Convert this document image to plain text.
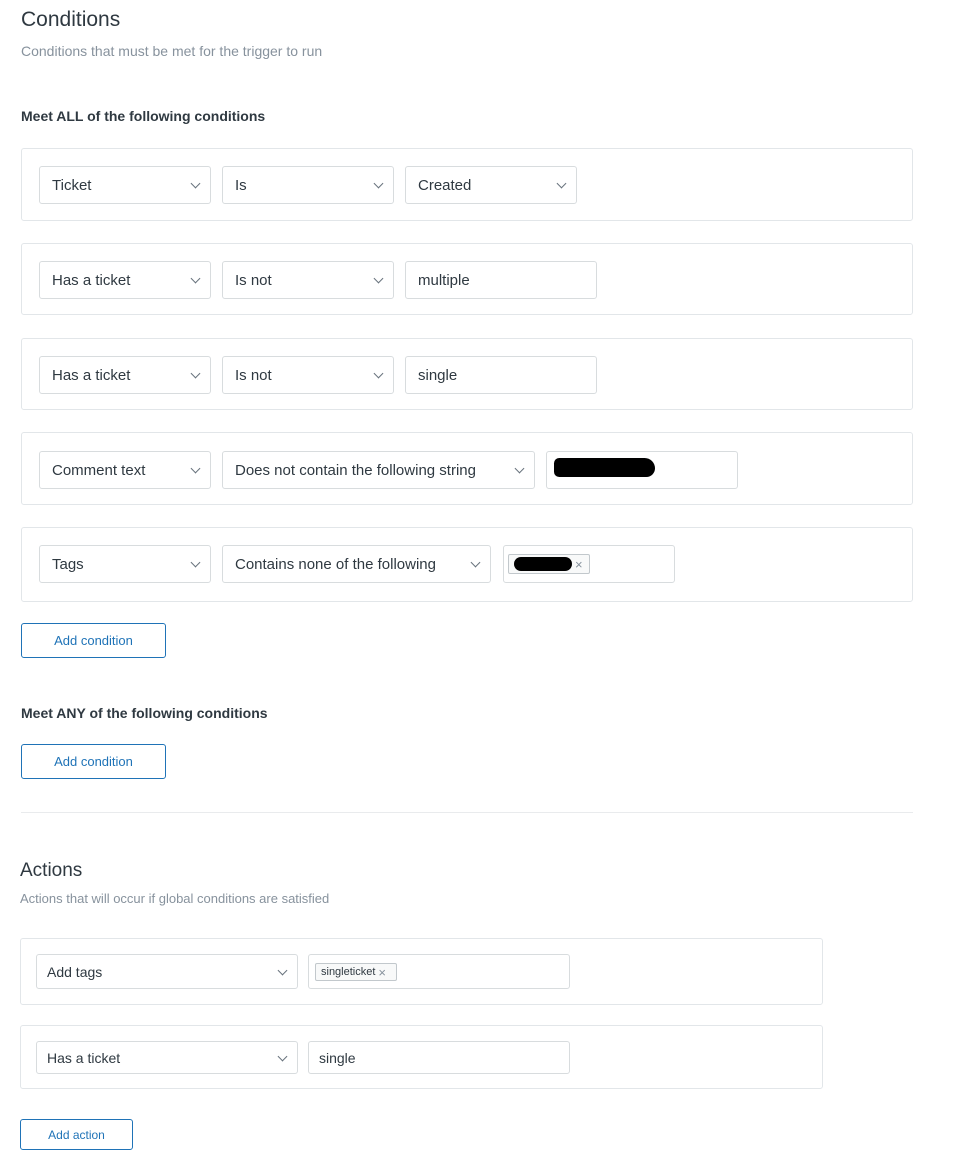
Conditions
Conditions that must be met for the trigger to run
Meet ALL of the following conditions
Ticket	Is	Created
Has a ticket	Is not	multiple
Has a ticket	Is not	single
Comment text	Does not contain the following string
Tags	Contains none of the following	×
Add condition
Meet ANY of the following conditions
Add condition
Actions
Actions that will occur if global conditions are satisfied
Add tags	singleticket ×
Has a ticket	single
Add action
